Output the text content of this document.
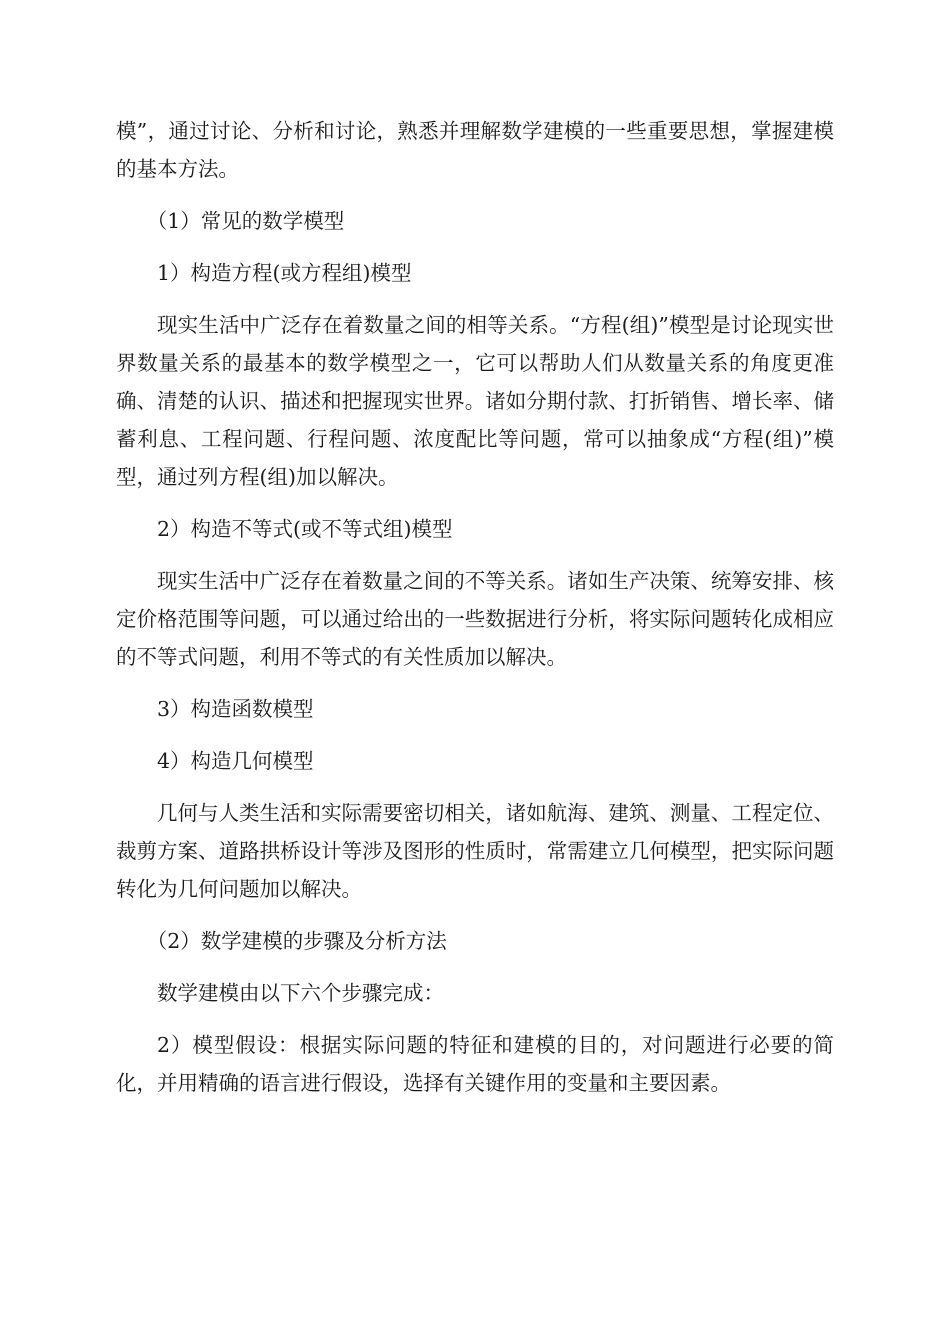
模”，通过讨论、分析和讨论，熟悉并理解数学建模的一些重要思想，掌握建模的基本方法。

（1）常见的数学模型

1）构造方程(或方程组)模型

现实生活中广泛存在着数量之间的相等关系。“方程(组)”模型是讨论现实世界数量关系的最基本的数学模型之一，它可以帮助人们从数量关系的角度更准确、清楚的认识、描述和把握现实世界。诸如分期付款、打折销售、增长率、储蓄利息、工程问题、行程问题、浓度配比等问题，常可以抽象成“方程(组)”模型，通过列方程(组)加以解决。

2）构造不等式(或不等式组)模型

现实生活中广泛存在着数量之间的不等关系。诸如生产决策、统筹安排、核定价格范围等问题，可以通过给出的一些数据进行分析，将实际问题转化成相应的不等式问题，利用不等式的有关性质加以解决。

3）构造函数模型

4）构造几何模型

几何与人类生活和实际需要密切相关，诸如航海、建筑、测量、工程定位、裁剪方案、道路拱桥设计等涉及图形的性质时，常需建立几何模型，把实际问题转化为几何问题加以解决。

（2）数学建模的步骤及分析方法

数学建模由以下六个步骤完成：

2）模型假设：根据实际问题的特征和建模的目的，对问题进行必要的简化，并用精确的语言进行假设，选择有关键作用的变量和主要因素。
